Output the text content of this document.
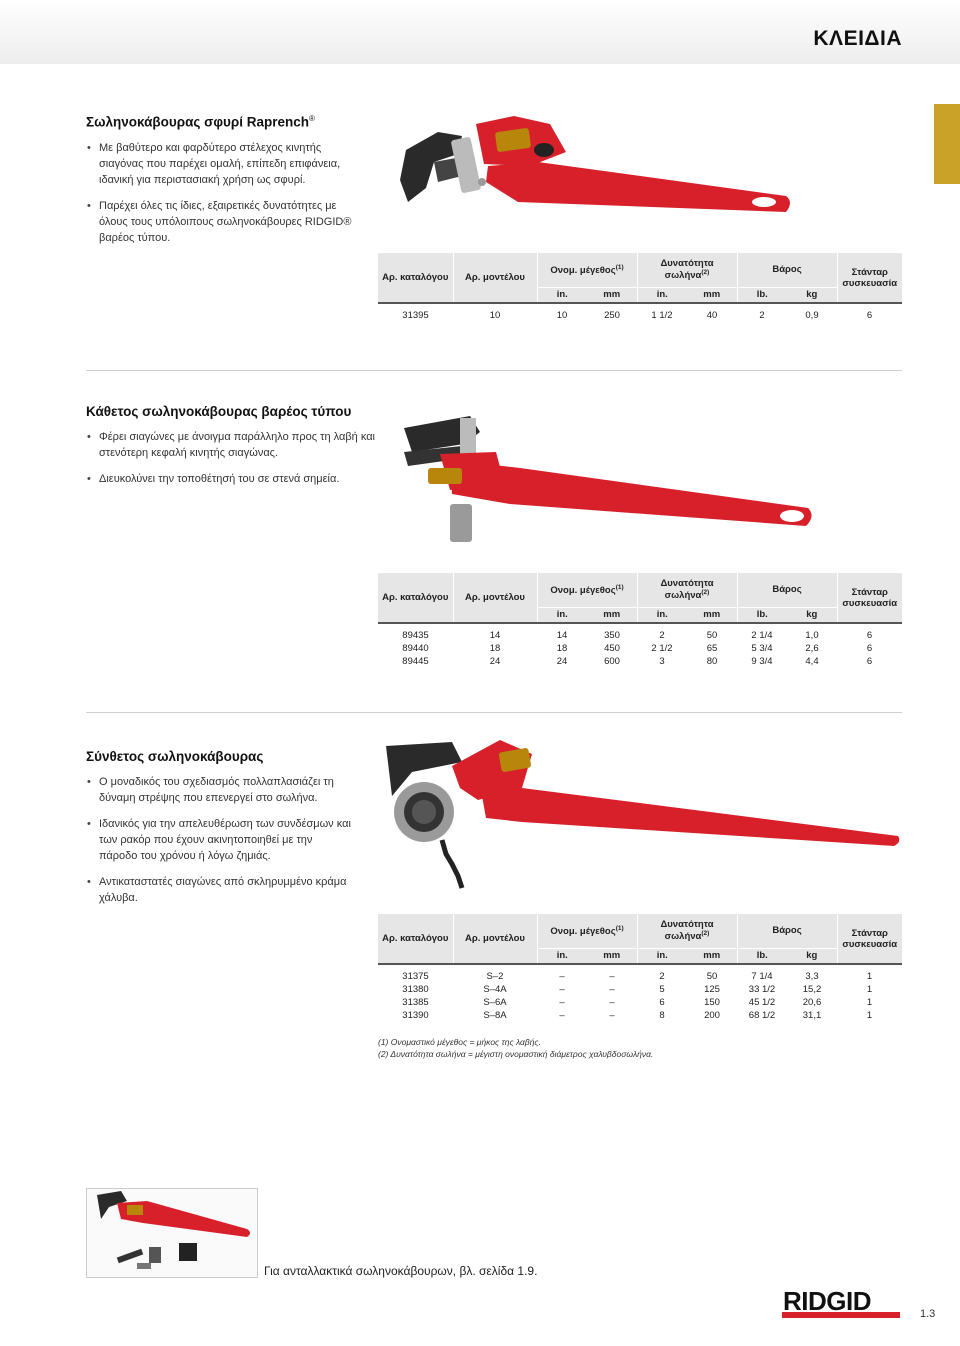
ΚΛΕΙΔΙΑ
Σωληνοκάβουρας σφυρί Raprench®
• Με βαθύτερο και φαρδύτερο στέλεχος κινητής σιαγόνας που παρέχει ομαλή, επίπεδη επιφάνεια, ιδανική για περιστασιακή χρήση ως σφυρί.
• Παρέχει όλες τις ίδιες, εξαιρετικές δυνατότητες με όλους τους υπόλοιπους σωληνοκάβουρες RIDGID® βαρέος τύπου.
Αρ. καταλόγου	Αρ. μοντέλου	Ονομ. μέγεθος$^{(1)}$		Δυνατότητα σωλήνα$^{(2)}$		Βάρος		Στάνταρ συσκευασία
		in.	mm	in.	mm	lb.	kg	
31395	10	10	250	1 1/2	40	2	0,9	6
Κάθετος σωληνοκάβουρας βαρέος τύπου
• Φέρει σιαγώνες με άνοιγμα παράλληλο προς τη λαβή και στενότερη κεφαλή κινητής σιαγώνας.
• Διευκολύνει την τοποθέτησή του σε στενά σημεία.
Αρ. καταλόγου	Αρ. μοντέλου	Ονομ. μέγεθος$^{(1)}$		Δυνατότητα σωλήνα$^{(2)}$		Βάρος		Στάνταρ συσκευασία
		in.	mm	in.	mm	lb.	kg	
89435	14	14	350	2	50	2 1/4	1,0	6
89440	18	18	450	2 1/2	65	5 3/4	2,6	6
89445	24	24	600	3	80	9 3/4	4,4	6
Σύνθετος σωληνοκάβουρας
• Ο μοναδικός του σχεδιασμός πολλαπλασιάζει τη δύναμη στρέψης που επενεργεί στο σωλήνα.
• Ιδανικός για την απελευθέρωση των συνδέσμων και των ρακόρ που έχουν ακινητοποιηθεί με την πάροδο του χρόνου ή λόγω ζημιάς.
• Αντικαταστατές σιαγώνες από σκληρυμμένο κράμα χάλυβα.
Αρ. καταλόγου	Αρ. μοντέλου	Ονομ. μέγεθος$^{(1)}$		Δυνατότητα σωλήνα$^{(2)}$		Βάρος		Στάνταρ συσκευασία
		in.	mm	in.	mm	lb.	kg	
31375	S–2	–	–	2	50	7 1/4	3,3	1
31380	S–4A	–	–	5	125	33 1/2	15,2	1
31385	S–6A	–	–	6	150	45 1/2	20,6	1
31390	S–8A	–	–	8	200	68 1/2	31,1	1
(1) Ονομαστικό μέγεθος = μήκος της λαβής.
(2) Δυνατότητα σωλήνα = μέγιστη ονομαστική διάμετρος χαλυβδοσωλήνα.
Για ανταλλακτικά σωληνοκάβουρων, βλ. σελίδα 1.9.
RIDGID	1.3
